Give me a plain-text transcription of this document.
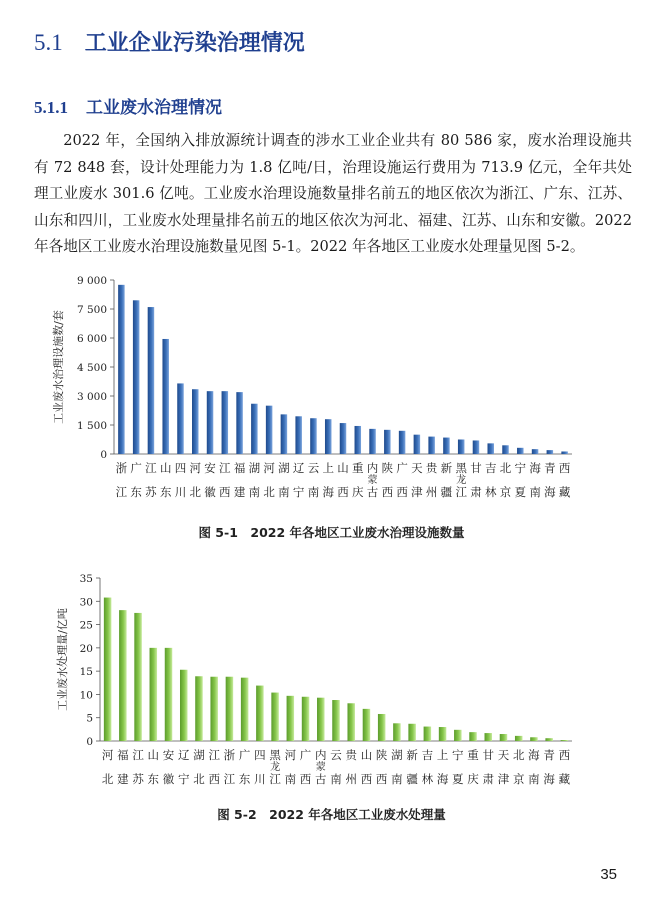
5.1 工业企业污染治理情况
5.1.1 工业废水治理情况
2022 年，全国纳入排放源统计调查的涉水工业企业共有 80 586 家，废水治理设施共有 72 848 套，设计处理能力为 1.8 亿吨/日，治理设施运行费用为 713.9 亿元，全年共处理工业废水 301.6 亿吨。工业废水治理设施数量排名前五的地区依次为浙江、广东、江苏、山东和四川，工业废水处理量排名前五的地区依次为河北、福建、江苏、山东和安徽。2022 年各地区工业废水治理设施数量见图 5-1。2022 年各地区工业废水处理量见图 5-2。
0
1 500
3 000
4 500
6 000
7 500
9 000
工业废水治理设施数/套
浙江
广东
江苏
山东
四川
河北
安徽
江西
福建
湖南
河北
湖南
辽宁
云南
上海
山西
重庆
内蒙古
陕西
广西
天津
贵州
新疆
黑龙江
甘肃
吉林
北京
宁夏
海南
青海
西藏
图 5-1　2022 年各地区工业废水治理设施数量
0
5
10
15
20
25
30
35
工业废水处理量/亿吨
河北
福建
江苏
山东
安徽
辽宁
湖北
江西
浙江
广东
四川
黑龙江
河南
广西
内蒙古
云南
贵州
山西
陕西
湖南
新疆
吉林
上海
宁夏
重庆
甘肃
天津
北京
海南
青海
西藏
图 5-2　2022 年各地区工业废水处理量
35
